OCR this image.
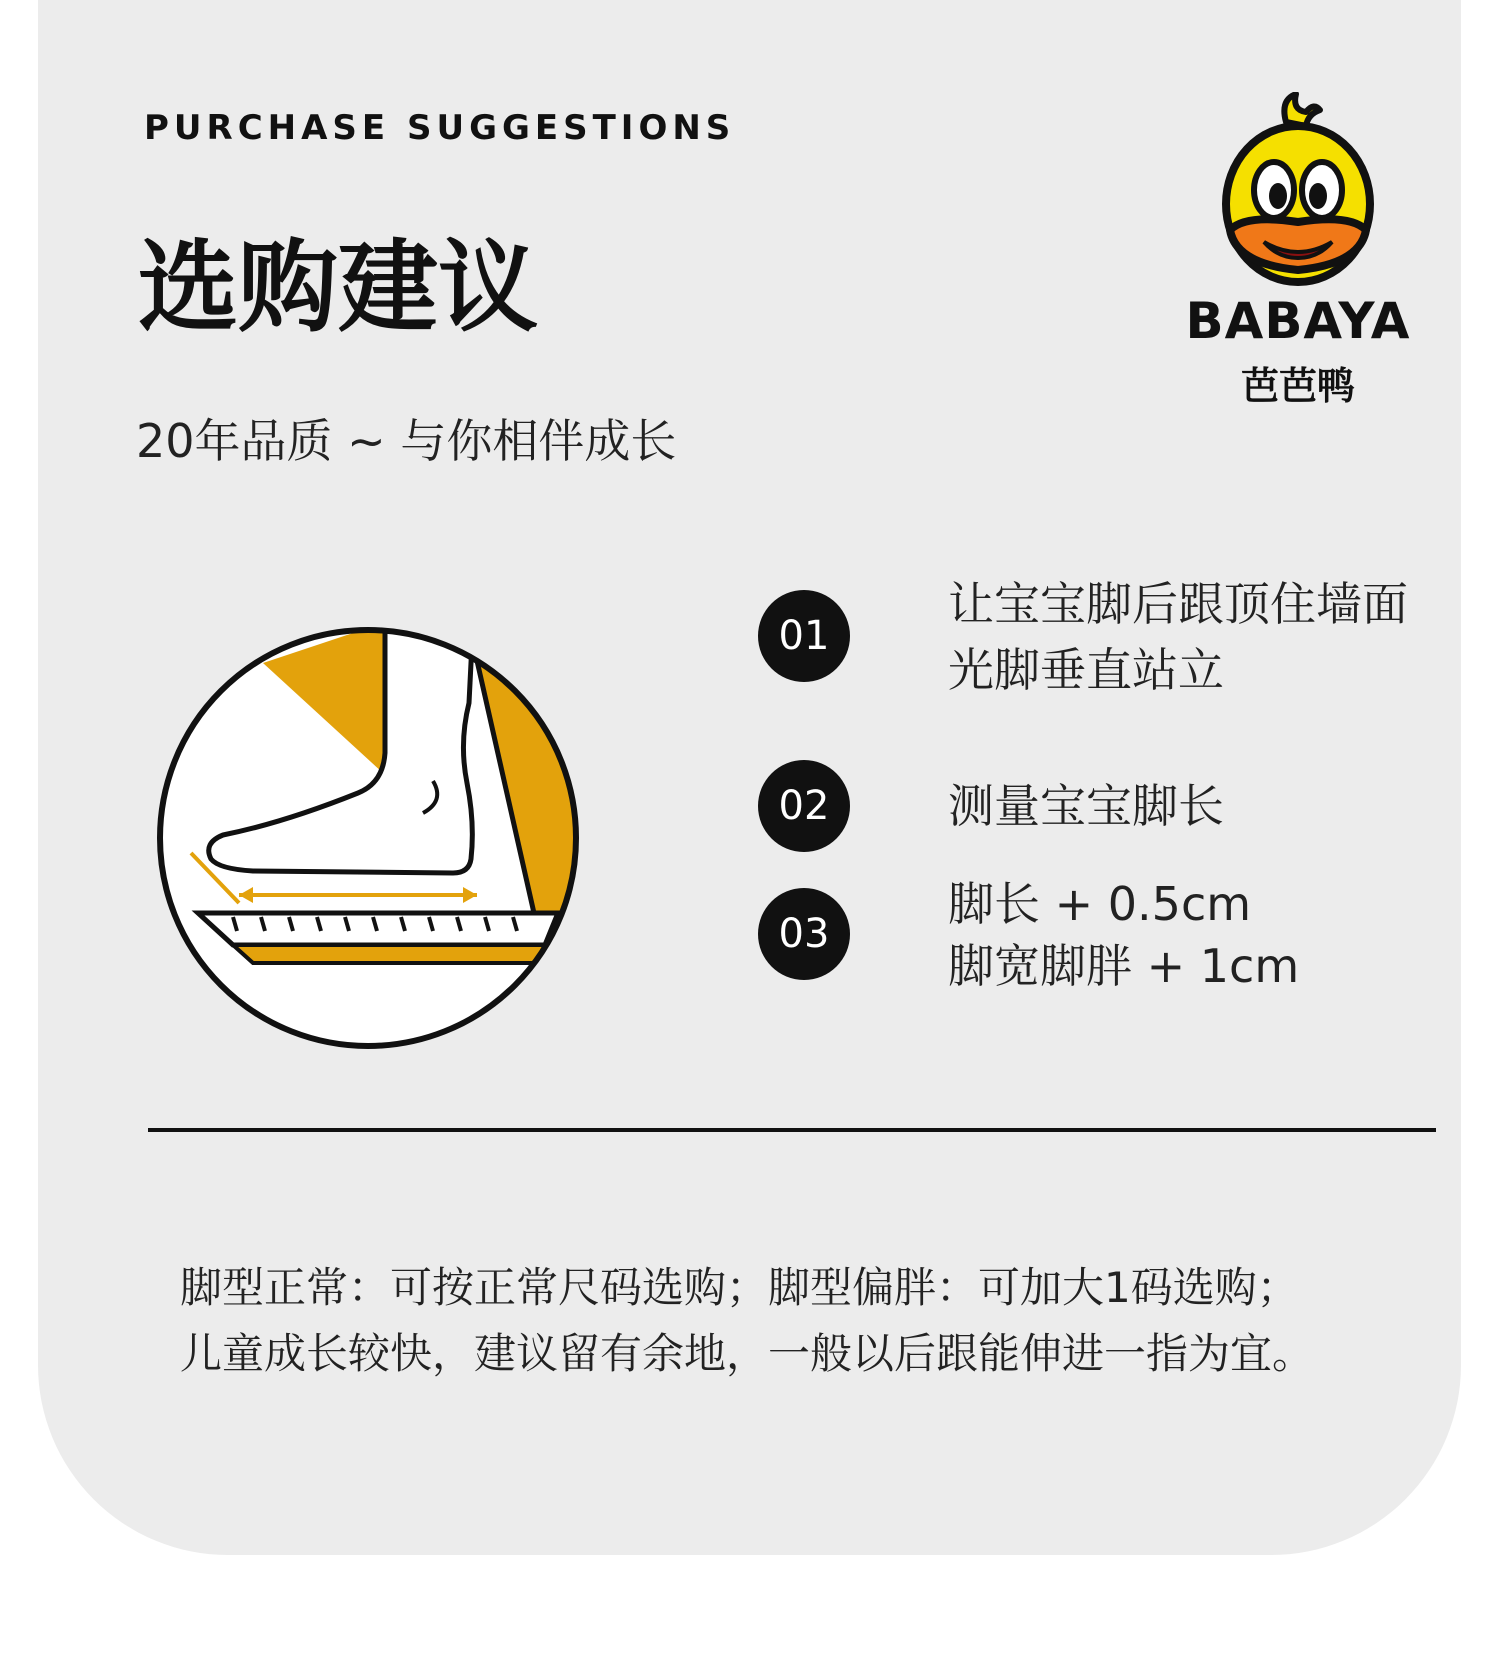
PURCHASE SUGGESTIONS

选购建议

20年品质 ~ 与你相伴成长

BABAYA
芭芭鸭
01
让宝宝脚后跟顶住墙面
光脚垂直站立
02	测量宝宝脚长
03
脚长 + 0.5cm
脚宽脚胖 + 1cm
脚型正常：可按正常尺码选购；脚型偏胖：可加大1码选购；
儿童成长较快，建议留有余地，一般以后跟能伸进一指为宜。
